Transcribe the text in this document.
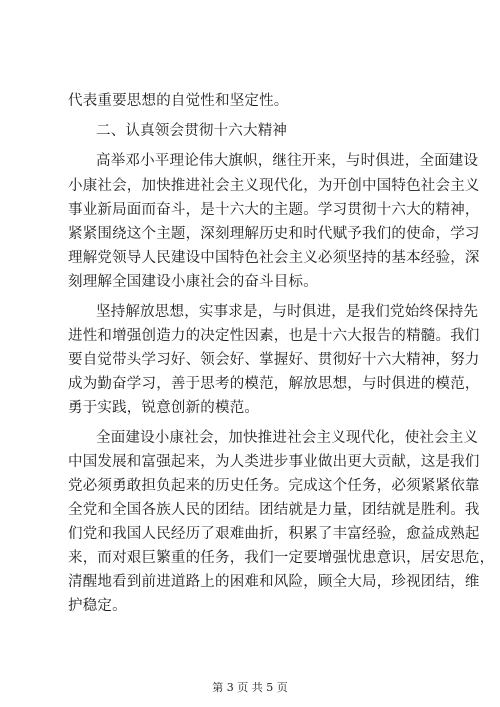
代表重要思想的自觉性和坚定性。
二、认真领会贯彻十六大精神
高举邓小平理论伟大旗帜，继往开来，与时俱进，全面建设
小康社会，加快推进社会主义现代化，为开创中国特色社会主义
事业新局面而奋斗，是十六大的主题。学习贯彻十六大的精神，
紧紧围绕这个主题，深刻理解历史和时代赋予我们的使命，学习
理解党领导人民建设中国特色社会主义必须坚持的基本经验，深
刻理解全国建设小康社会的奋斗目标。
坚持解放思想，实事求是，与时俱进，是我们党始终保持先
进性和增强创造力的决定性因素，也是十六大报告的精髓。我们
要自觉带头学习好、领会好、掌握好、贯彻好十六大精神，努力
成为勤奋学习，善于思考的模范，解放思想，与时俱进的模范，
勇于实践，锐意创新的模范。
全面建设小康社会，加快推进社会主义现代化，使社会主义
中国发展和富强起来，为人类进步事业做出更大贡献，这是我们
党必须勇敢担负起来的历史任务。完成这个任务，必须紧紧依靠
全党和全国各族人民的团结。团结就是力量，团结就是胜利。我
们党和我国人民经历了艰难曲折，积累了丰富经验，愈益成熟起
来，而对艰巨繁重的任务，我们一定要增强忧患意识，居安思危，
清醒地看到前进道路上的困难和风险，顾全大局，珍视团结，维
护稳定。
第 3 页 共 5 页
